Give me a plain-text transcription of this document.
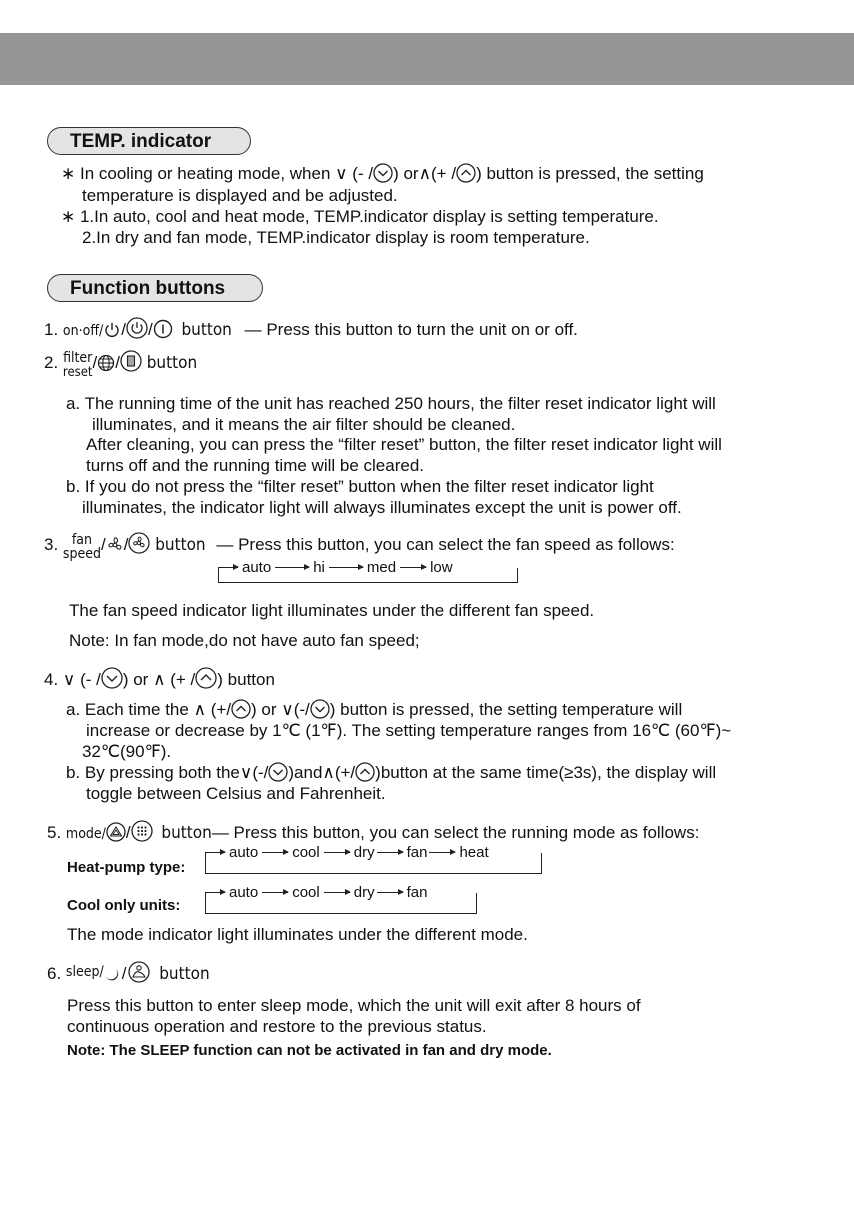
TEMP. indicator
∗ In cooling or heating mode, when ∨ (- / ) or∧(+ / ) button is pressed, the setting
temperature is displayed and be adjusted.
∗ 1.In auto, cool and heat mode, TEMP.indicator display is setting temperature.
2.In dry and fan mode, TEMP.indicator display is room temperature.
Function buttons
1. on·off/ / / button — Press this button to turn the unit on or off.
2. filter
reset/ / button
a. The running time of the unit has reached 250 hours, the filter reset indicator light will
illuminates, and it means the air filter should be cleaned.
After cleaning, you can press the “filter reset” button, the filter reset indicator light will
turns off and the running time will be cleared.
b. If you do not press the “filter reset” button when the filter reset indicator light
illuminates, the indicator light will always illuminates except the unit is power off.
3. fan
speed/ / button — Press this button, you can select the fan speed as follows:
auto	hi	med low
The fan speed indicator light illuminates under the different fan speed.
Note: In fan mode,do not have auto fan speed;
4. ∨ (- / ) or ∧ (+ / ) button
a. Each time the ∧ (+/ ) or ∨(-/ ) button is pressed, the setting temperature will
increase or decrease by 1℃ (1℉). The setting temperature ranges from 16℃ (60℉)~
32℃(90℉).
b. By pressing both the∨(-/ )and∧(+/ )button at the same time(≥3s), the display will
toggle between Celsius and Fahrenheit.
5. mode/ / button— Press this button, you can select the running mode as follows:
Heat-pump type:
auto cool dry fan heat
Cool only units:
auto cool dry fan
The mode indicator light illuminates under the different mode.
6. sleep/ / button
Press this button to enter sleep mode, which the unit will exit after 8 hours of
continuous operation and restore to the previous status.
Note: The SLEEP function can not be activated in fan and dry mode.
